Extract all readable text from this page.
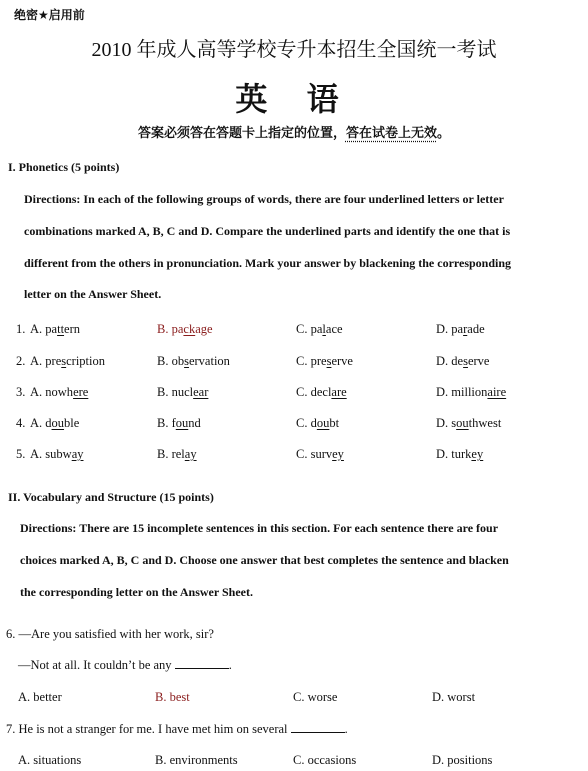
绝密★启用前
2010 年成人高等学校专升本招生全国统一考试
英 语
答案必须答在答题卡上指定的位置，答在试卷上无效。
I. Phonetics (5 points)
Directions: In each of the following groups of words, there are four underlined letters or letter
combinations marked A, B, C and D. Compare the underlined parts and identify the one that is
different from the others in pronunciation. Mark your answer by blackening the corresponding
letter on the Answer Sheet.
1. A. pattern	B. package	C. palace	D. parade
2. A. prescription	B. observation	C. preserve	D. deserve
3. A. nowhere	B. nuclear	C. declare	D. millionaire
4. A. double	B. found	C. doubt	D. southwest
5. A. subway	B. relay	C. survey	D. turkey
II. Vocabulary and Structure (15 points)
Directions: There are 15 incomplete sentences in this section. For each sentence there are four
choices marked A, B, C and D. Choose one answer that best completes the sentence and blacken
the corresponding letter on the Answer Sheet.
6. —Are you satisfied with her work, sir?
—Not at all. It couldn’t be any	.
A. better	B. best	C. worse	D. worst
7. He is not a stranger for me. I have met him on several	.
A. situations	B. environments	C. occasions	D. positions
